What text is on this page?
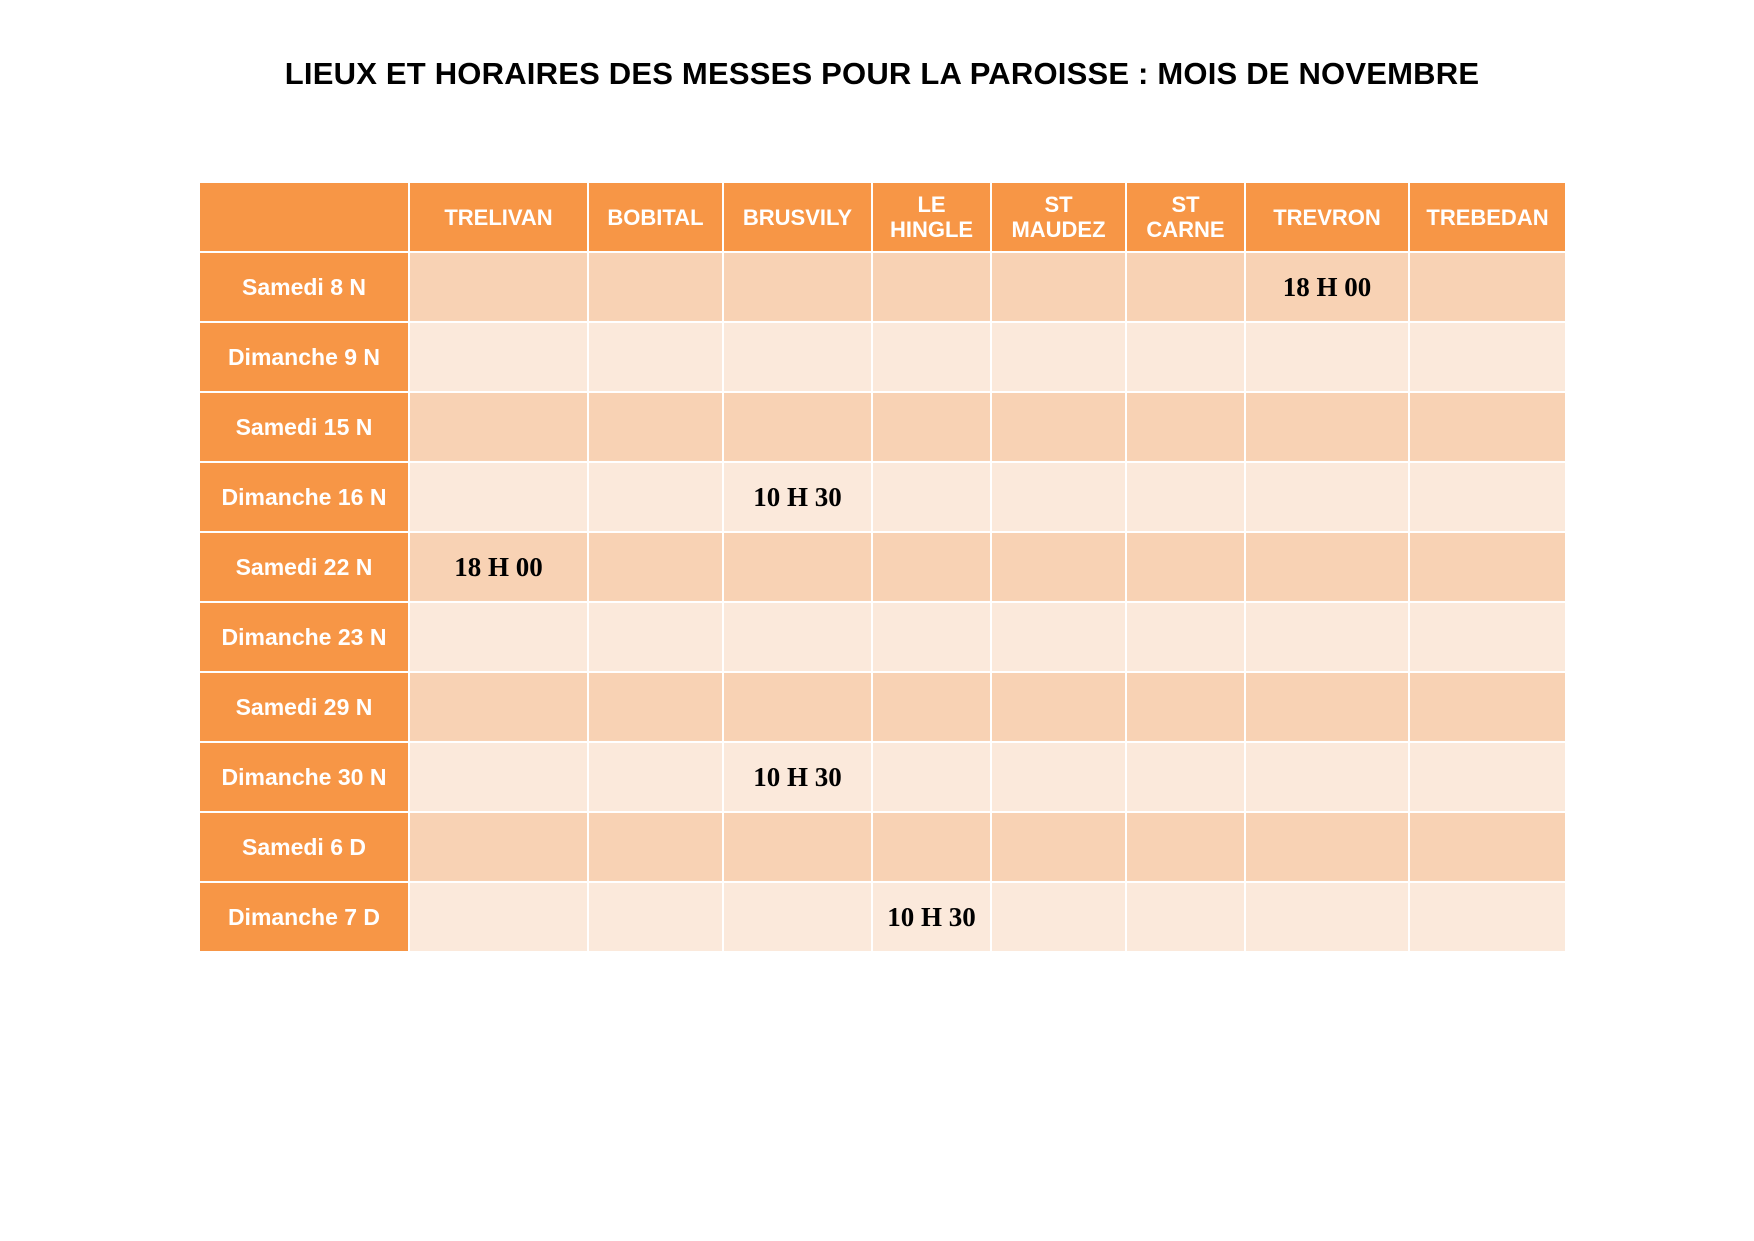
LIEUX ET HORAIRES DES MESSES POUR LA PAROISSE : MOIS DE NOVEMBRE
	TRELIVAN	BOBITAL	BRUSVILY	LE HINGLE	ST MAUDEZ	ST CARNE	TREVRON	TREBEDAN
Samedi 8 N							18 H 00	
Dimanche 9 N								
Samedi 15 N								
Dimanche 16 N			10 H 30					
Samedi 22 N	18 H 00							
Dimanche 23 N								
Samedi 29 N								
Dimanche 30 N			10 H 30					
Samedi 6 D								
Dimanche 7 D				10 H 30				
